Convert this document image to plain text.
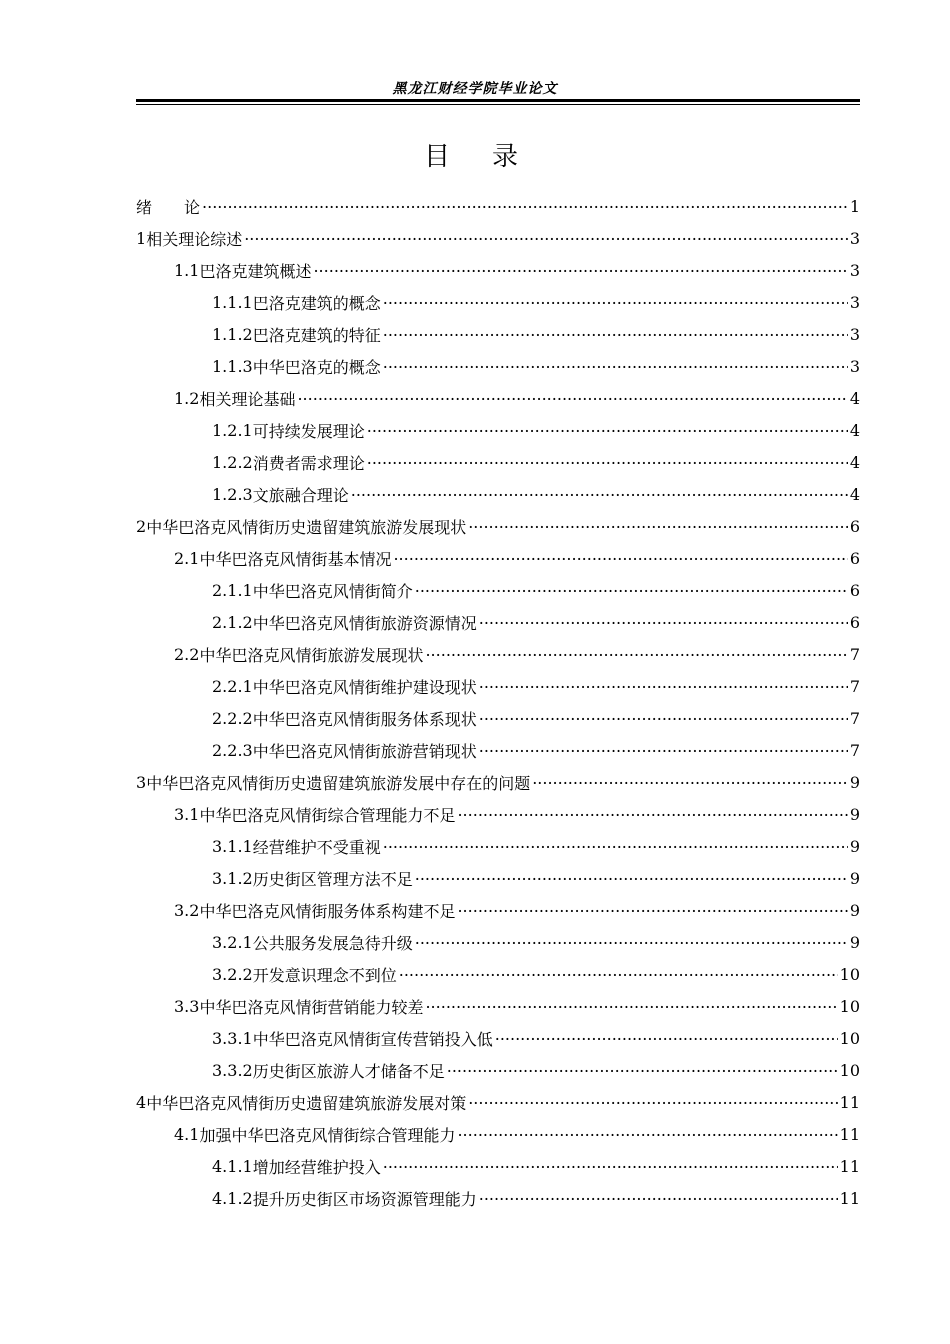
黑龙江财经学院毕业论文
目　录
绪　　论 .....	1
1 相关理论综述 .....	3
1.1 巴洛克建筑概述 .....	3
1.1.1 巴洛克建筑的概念 .....	3
1.1.2 巴洛克建筑的特征 .....	3
1.1.3 中华巴洛克的概念 .....	3
1.2 相关理论基础 .....	4
1.2.1 可持续发展理论 .....	4
1.2.2 消费者需求理论 .....	4
1.2.3 文旅融合理论 .....	4
2 中华巴洛克风情街历史遗留建筑旅游发展现状 .....	6
2.1 中华巴洛克风情街基本情况 .....	6
2.1.1 中华巴洛克风情街简介 .....	6
2.1.2 中华巴洛克风情街旅游资源情况 .....	6
2.2 中华巴洛克风情街旅游发展现状 .....	7
2.2.1 中华巴洛克风情街维护建设现状 .....	7
2.2.2 中华巴洛克风情街服务体系现状 .....	7
2.2.3 中华巴洛克风情街旅游营销现状 .....	7
3 中华巴洛克风情街历史遗留建筑旅游发展中存在的问题 .....	9
3.1 中华巴洛克风情街综合管理能力不足 .....	9
3.1.1 经营维护不受重视 .....	9
3.1.2 历史街区管理方法不足 .....	9
3.2 中华巴洛克风情街服务体系构建不足 .....	9
3.2.1 公共服务发展急待升级 .....	9
3.2.2 开发意识理念不到位 .....	10
3.3 中华巴洛克风情街营销能力较差 .....	10
3.3.1 中华巴洛克风情街宣传营销投入低 .....	10
3.3.2 历史街区旅游人才储备不足 .....	10
4 中华巴洛克风情街历史遗留建筑旅游发展对策 .....	11
4.1 加强中华巴洛克风情街综合管理能力 .....	11
4.1.1 增加经营维护投入 .....	11
4.1.2 提升历史街区市场资源管理能力 .....	11
